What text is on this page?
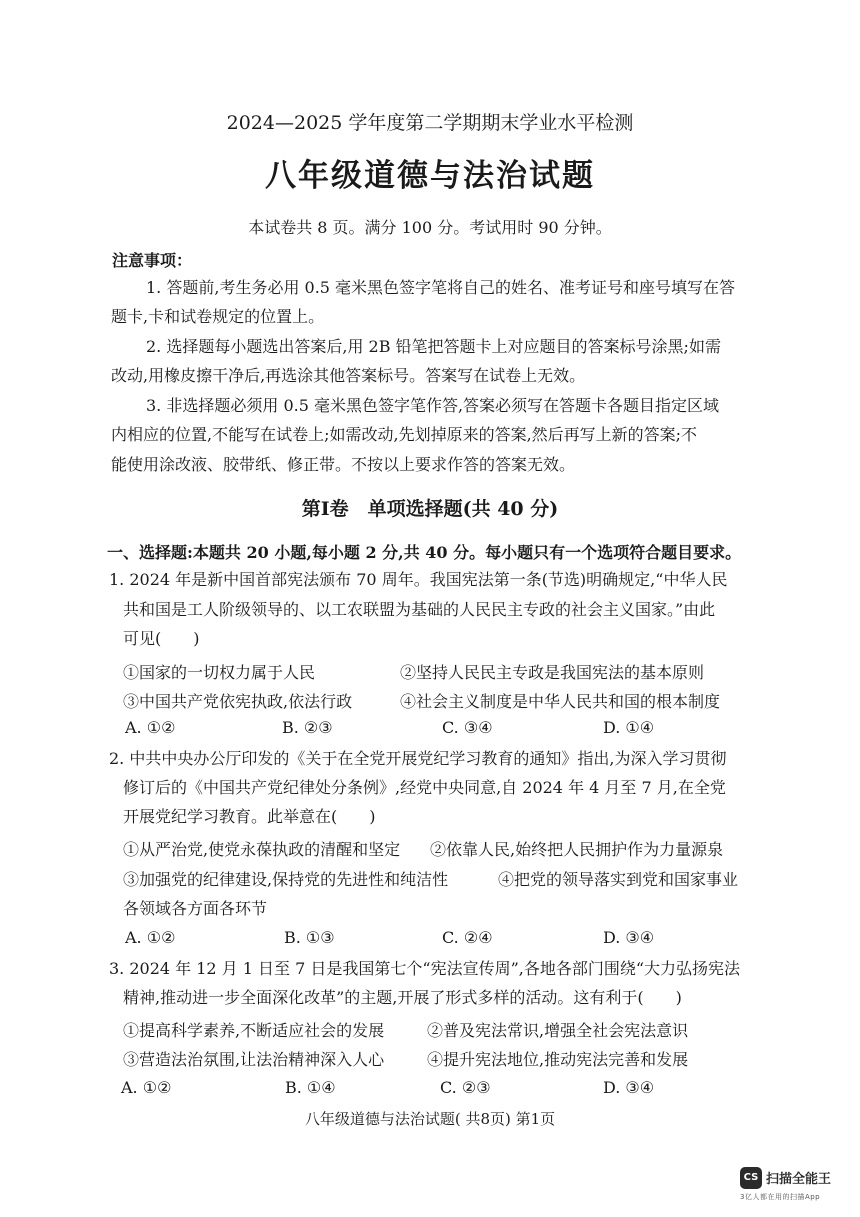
2024—2025 学年度第二学期期末学业水平检测
八年级道德与法治试题
本试卷共 8 页。满分 100 分。考试用时 90 分钟。
注意事项：
1. 答题前,考生务必用 0.5 毫米黑色签字笔将自己的姓名、准考证号和座号填写在答
题卡,卡和试卷规定的位置上。
2. 选择题每小题选出答案后,用 2B 铅笔把答题卡上对应题目的答案标号涂黑;如需
改动,用橡皮擦干净后,再选涂其他答案标号。答案写在试卷上无效。
3. 非选择题必须用 0.5 毫米黑色签字笔作答,答案必须写在答题卡各题目指定区域
内相应的位置,不能写在试卷上;如需改动,先划掉原来的答案,然后再写上新的答案;不
能使用涂改液、胶带纸、修正带。不按以上要求作答的答案无效。
第Ⅰ卷　单项选择题(共 40 分)
一、选择题:本题共 20 小题,每小题 2 分,共 40 分。每小题只有一个选项符合题目要求。
1. 2024 年是新中国首部宪法颁布 70 周年。我国宪法第一条(节选)明确规定,“中华人民
共和国是工人阶级领导的、以工农联盟为基础的人民民主专政的社会主义国家。”由此
可见(　　)
①国家的一切权力属于人民	②坚持人民民主专政是我国宪法的基本原则
③中国共产党依宪执政,依法行政	④社会主义制度是中华人民共和国的根本制度
A. ①②	B. ②③	C. ③④	D. ①④
2. 中共中央办公厅印发的《关于在全党开展党纪学习教育的通知》指出,为深入学习贯彻
修订后的《中国共产党纪律处分条例》,经党中央同意,自 2024 年 4 月至 7 月,在全党
开展党纪学习教育。此举意在(　　)
①从严治党,使党永葆执政的清醒和坚定 ②依靠人民,始终把人民拥护作为力量源泉
③加强党的纪律建设,保持党的先进性和纯洁性	④把党的领导落实到党和国家事业
各领域各方面各环节
A. ①②	B. ①③	C. ②④	D. ③④
3. 2024 年 12 月 1 日至 7 日是我国第七个“宪法宣传周”,各地各部门围绕“大力弘扬宪法
精神,推动进一步全面深化改革”的主题,开展了形式多样的活动。这有利于(　　)
①提高科学素养,不断适应社会的发展	②普及宪法常识,增强全社会宪法意识
③营造法治氛围,让法治精神深入人心	④提升宪法地位,推动宪法完善和发展
A. ①②	B. ①④	C. ②③	D. ③④
八年级道德与法治试题( 共8页) 第1页
CS 扫描全能王
3亿人都在用的扫描App
